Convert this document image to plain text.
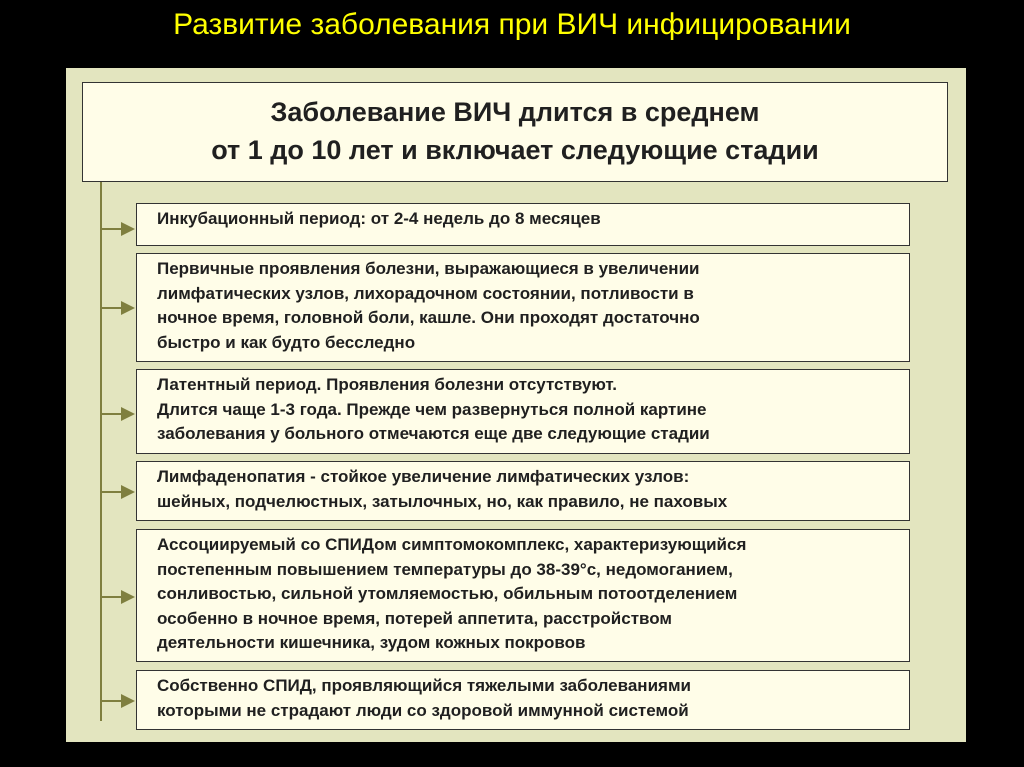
Развитие заболевания при ВИЧ инфицировании
Заболевание ВИЧ длится в среднем
от 1 до 10 лет и включает следующие стадии
Инкубационный период: от 2-4 недель до 8 месяцев
Первичные проявления болезни, выражающиеся в увеличении
лимфатических узлов, лихорадочном состоянии, потливости в
ночное время, головной боли, кашле. Они проходят достаточно
быстро и как будто бесследно
Латентный период. Проявления болезни отсутствуют.
Длится чаще 1-3 года. Прежде чем развернуться полной картине
заболевания у больного отмечаются еще две следующие стадии
Лимфаденопатия - стойкое увеличение лимфатических узлов:
шейных, подчелюстных, затылочных, но, как правило, не паховых
Ассоциируемый со СПИДом симптомокомплекс, характеризующийся
постепенным повышением температуры до 38-39°с, недомоганием,
сонливостью, сильной утомляемостью, обильным потоотделением
особенно в ночное время, потерей аппетита, расстройством
деятельности кишечника, зудом кожных покровов
Собственно СПИД, проявляющийся тяжелыми заболеваниями
которыми не страдают люди со здоровой иммунной системой
